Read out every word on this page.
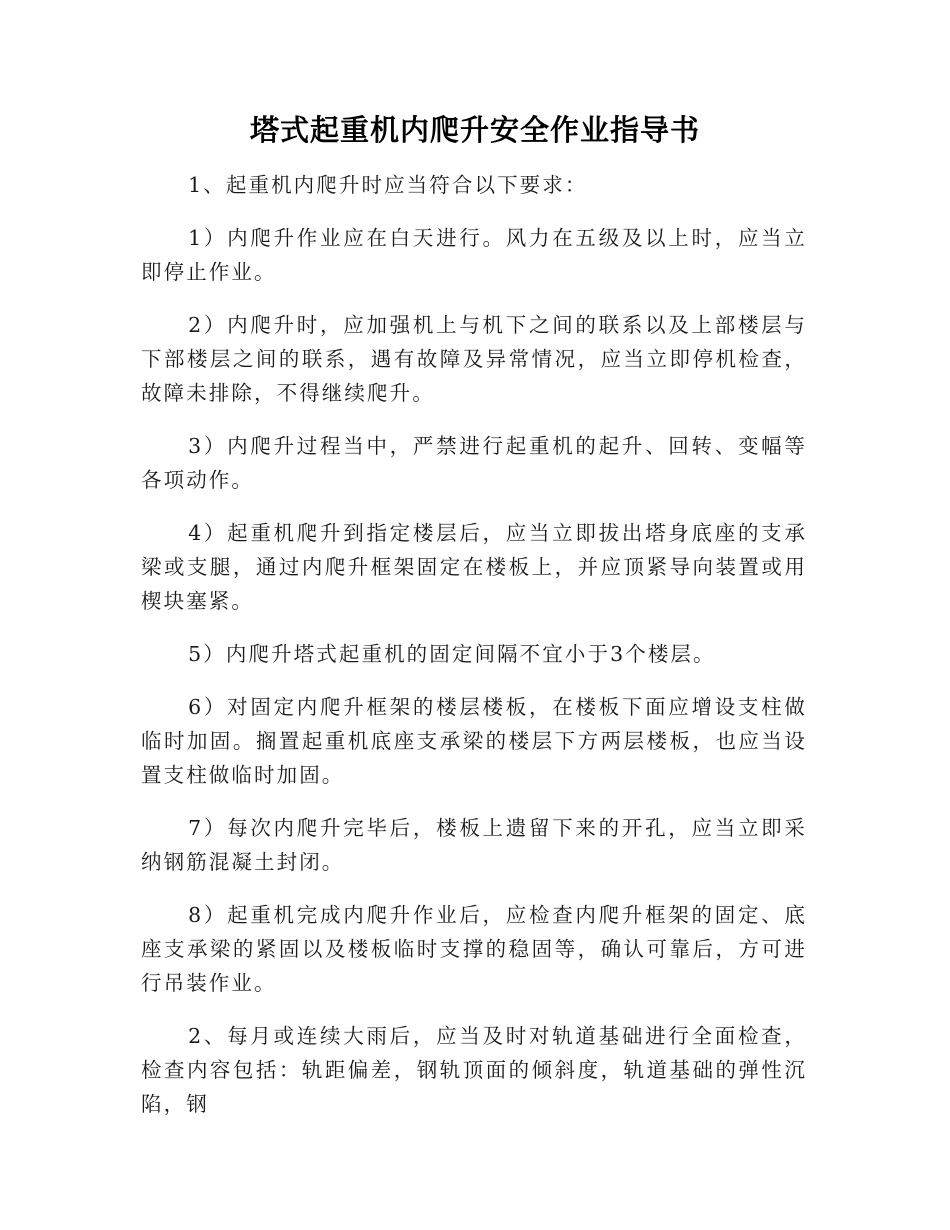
塔式起重机内爬升安全作业指导书

1、起重机内爬升时应当符合以下要求：

1）内爬升作业应在白天进行。风力在五级及以上时，应当立即停止作业。

2）内爬升时，应加强机上与机下之间的联系以及上部楼层与下部楼层之间的联系，遇有故障及异常情况，应当立即停机检查，故障未排除，不得继续爬升。

3）内爬升过程当中，严禁进行起重机的起升、回转、变幅等各项动作。

4）起重机爬升到指定楼层后，应当立即拔出塔身底座的支承梁或支腿，通过内爬升框架固定在楼板上，并应顶紧导向装置或用楔块塞紧。

5）内爬升塔式起重机的固定间隔不宜小于3个楼层。

6）对固定内爬升框架的楼层楼板，在楼板下面应增设支柱做临时加固。搁置起重机底座支承梁的楼层下方两层楼板，也应当设置支柱做临时加固。

7）每次内爬升完毕后，楼板上遗留下来的开孔，应当立即采纳钢筋混凝土封闭。

8）起重机完成内爬升作业后，应检查内爬升框架的固定、底座支承梁的紧固以及楼板临时支撑的稳固等，确认可靠后，方可进行吊装作业。

2、每月或连续大雨后，应当及时对轨道基础进行全面检查，检查内容包括：轨距偏差，钢轨顶面的倾斜度，轨道基础的弹性沉陷，钢
